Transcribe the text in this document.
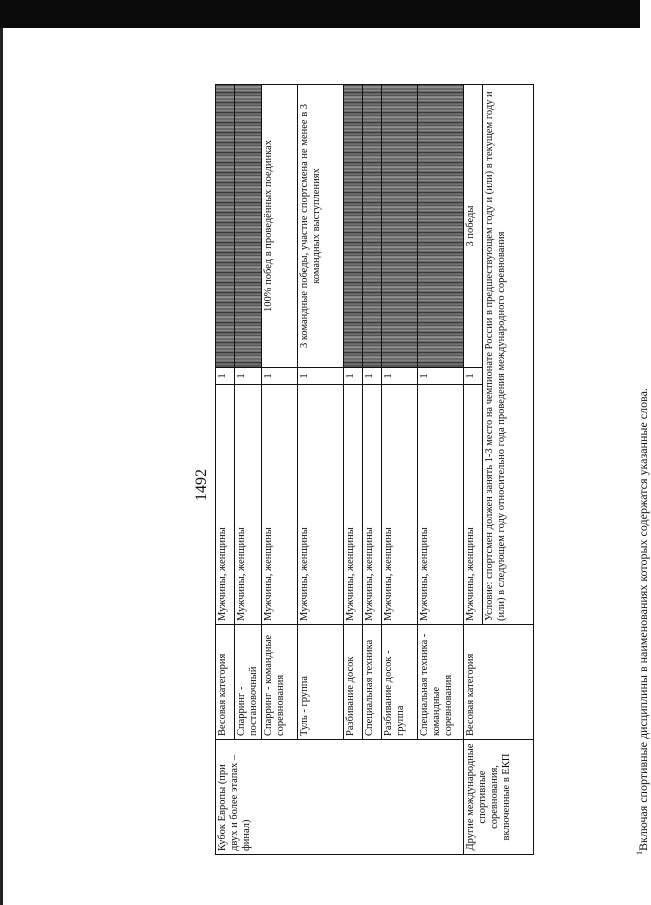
1492
Кубок Европы (при двух и более этапах – финал)	Весовая категория	Мужчины, женщины	1	
	Спарринг - постановочный	Мужчины, женщины	1	
	Спарринг - командные соревнования	Мужчины, женщины	1	100% побед в проведённых поединках
	Туль - группа	Мужчины, женщины	1	3 командные победы, участие спортсмена не менее в 3 командных выступлениях
	Разбивание досок	Мужчины, женщины	1	
	Специальная техника	Мужчины, женщины	1	
	Разбивание досок - группа	Мужчины, женщины	1	
	Специальная техника - командные соревнования	Мужчины, женщины	1	
Другие международные спортивные соревнования, включенные в ЕКП	Весовая категория	Мужчины, женщины	1	3 победы
		Условие: спортсмен должен занять 1-3 место на чемпионате России в предшествующем году и (или) в текущем году и (или) в следующем году относительно года проведения международного соревнования		
$^1$Включая спортивные дисциплины в наименованиях которых содержатся указанные слова.
